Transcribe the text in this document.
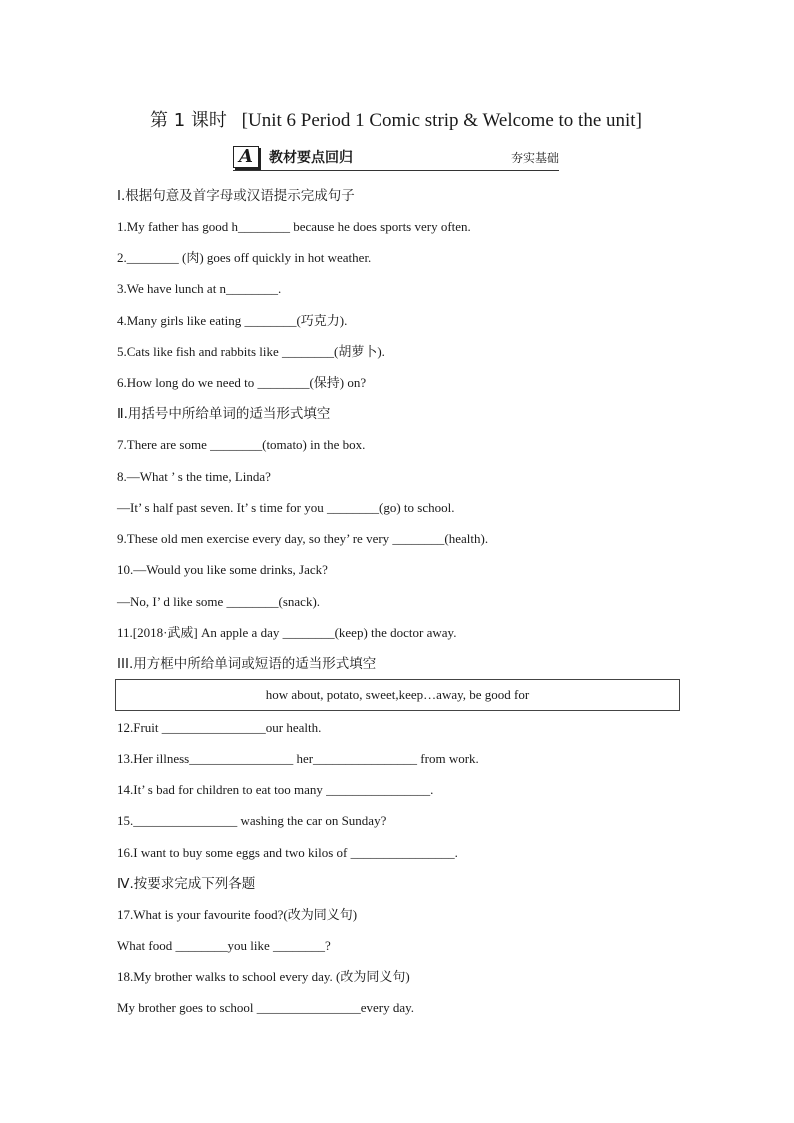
第 1 课时 [Unit 6 Period 1 Comic strip & Welcome to the unit]
A	教材要点回归	夯实基础
Ⅰ.根据句意及首字母或汉语提示完成句子
1.My father has good h________ because he does sports very often.
2.________ (肉) goes off quickly in hot weather.
3.We have lunch at n________.
4.Many girls like eating ________(巧克力).
5.Cats like fish and rabbits like ________(胡萝卜).
6.How long do we need to ________(保持) on?
Ⅱ.用括号中所给单词的适当形式填空
7.There are some ________(tomato) in the box.
8.—What ’ s the time, Linda?
—It’ s half past seven. It’ s time for you ________(go) to school.
9.These old men exercise every day, so they’ re very ________(health).
10.—Would you like some drinks, Jack?
—No, I’ d like some ________(snack).
11.[2018·武威] An apple a day ________(keep) the doctor away.
III.用方框中所给单词或短语的适当形式填空
12.Fruit ________________our health.
13.Her illness________________ her________________ from work.
14.It’ s bad for children to eat too many ________________.
15.________________ washing the car on Sunday?
16.I want to buy some eggs and two kilos of ________________.
Ⅳ.按要求完成下列各题
17.What is your favourite food?(改为同义句)
What food ________you like ________?
18.My brother walks to school every day. (改为同义句)
My brother goes to school ________________every day.
how about, potato, sweet,keep…away, be good for
